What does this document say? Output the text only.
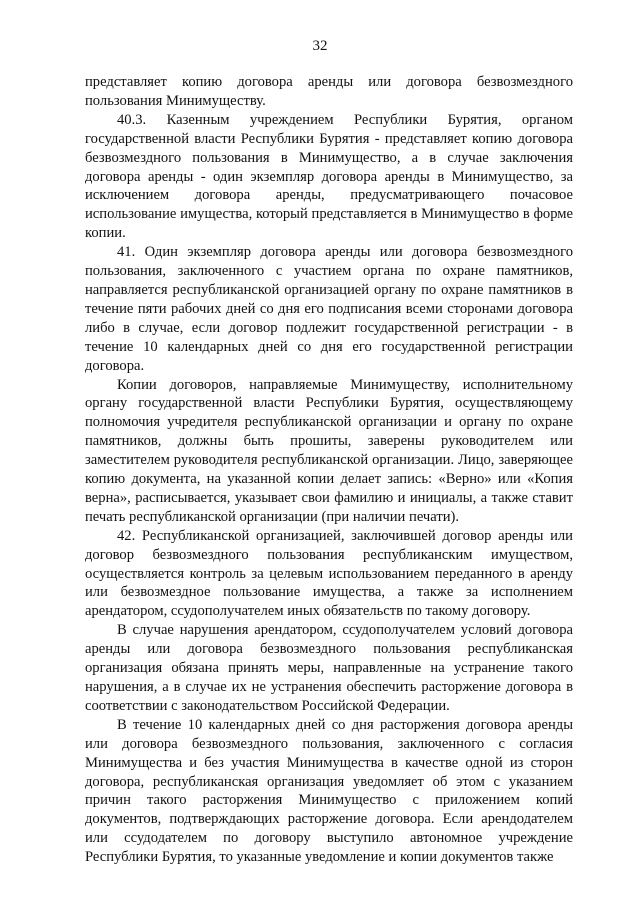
32

представляет копию договора аренды или договора безвозмездного пользования Минимуществу.

40.3. Казенным учреждением Республики Бурятия, органом государственной власти Республики Бурятия - представляет копию договора безвозмездного пользования в Минимущество, а в случае заключения договора аренды - один экземпляр договора аренды в Минимущество, за исключением договора аренды, предусматривающего почасовое использование имущества, который представляется в Минимущество в форме копии.

41. Один экземпляр договора аренды или договора безвозмездного пользования, заключенного с участием органа по охране памятников, направляется республиканской организацией органу по охране памятников в течение пяти рабочих дней со дня его подписания всеми сторонами договора либо в случае, если договор подлежит государственной регистрации - в течение 10 календарных дней со дня его государственной регистрации договора.

Копии договоров, направляемые Минимуществу, исполнительному органу государственной власти Республики Бурятия, осуществляющему полномочия учредителя республиканской организации и органу по охране памятников, должны быть прошиты, заверены руководителем или заместителем руководителя республиканской организации. Лицо, заверяющее копию документа, на указанной копии делает запись: «Верно» или «Копия верна», расписывается, указывает свои фамилию и инициалы, а также ставит печать республиканской организации (при наличии печати).

42. Республиканской организацией, заключившей договор аренды или договор безвозмездного пользования республиканским имуществом, осуществляется контроль за целевым использованием переданного в аренду или безвозмездное пользование имущества, а также за исполнением арендатором, ссудополучателем иных обязательств по такому договору.

В случае нарушения арендатором, ссудополучателем условий договора аренды или договора безвозмездного пользования республиканская организация обязана принять меры, направленные на устранение такого нарушения, а в случае их не устранения обеспечить расторжение договора в соответствии с законодательством Российской Федерации.

В течение 10 календарных дней со дня расторжения договора аренды или договора безвозмездного пользования, заключенного с согласия Минимущества и без участия Минимущества в качестве одной из сторон договора, республиканская организация уведомляет об этом с указанием причин такого расторжения Минимущество с приложением копий документов, подтверждающих расторжение договора. Если арендодателем или ссудодателем по договору выступило автономное учреждение Республики Бурятия, то указанные уведомление и копии документов также
